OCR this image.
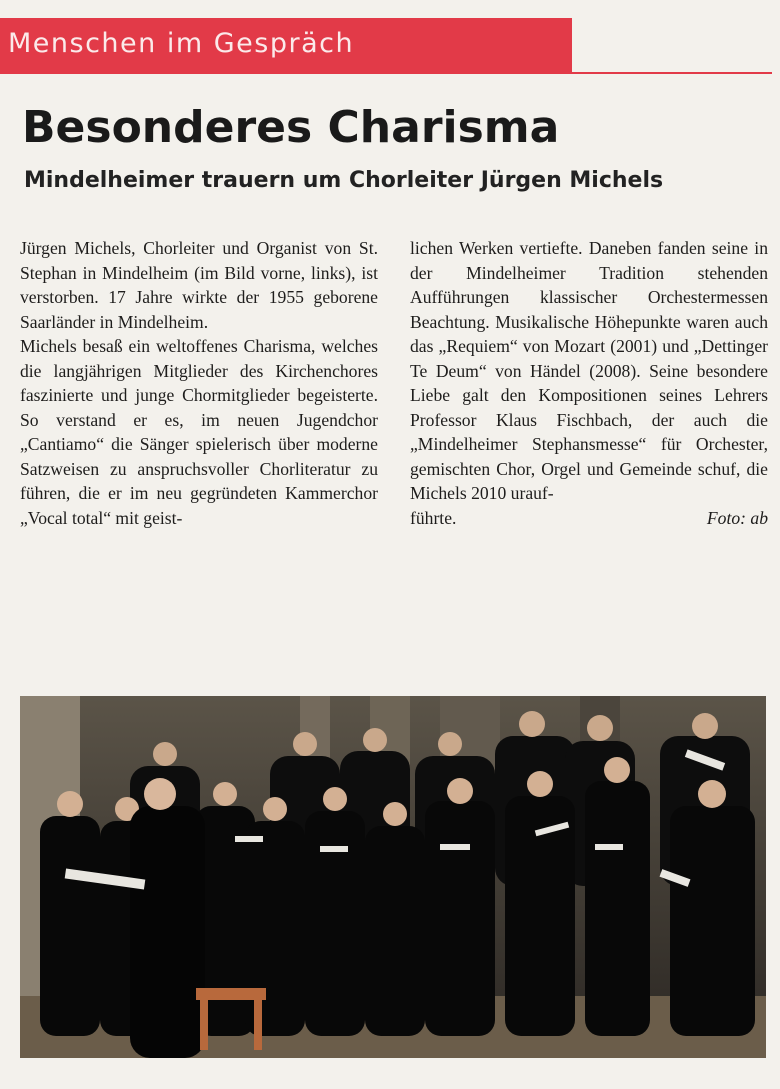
Menschen im Gespräch
Besonderes Charisma
Mindelheimer trauern um Chorleiter Jürgen Michels

Jürgen Michels, Chorleiter und Organist von St. Stephan in Mindelheim (im Bild vorne, links), ist verstorben. 17 Jahre wirkte der 1955 geborene Saarländer in Mindelheim.

Michels besaß ein weltoffenes Charisma, welches die langjährigen Mitglieder des Kirchenchores faszinierte und junge Chormitglieder begeisterte. So verstand er es, im neuen Jugendchor „Cantiamo“ die Sänger spielerisch über moderne Satzweisen zu anspruchsvoller Chorliteratur zu führen, die er im neu gegründeten Kammerchor „Vocal total“ mit geist-

lichen Werken vertiefte. Daneben fanden seine in der Mindelheimer Tradition stehenden Aufführungen klassischer Orchestermessen Beachtung. Musikalische Höhepunkte waren auch das „Requiem“ von Mozart (2001) und „Dettinger Te Deum“ von Händel (2008). Seine besondere Liebe galt den Kompositionen seines Lehrers Professor Klaus Fischbach, der auch die „Mindelheimer Stephansmesse“ für Orchester, gemischten Chor, Orgel und Gemeinde schuf, die Michels 2010 urauf-

führte.	Foto: ab
